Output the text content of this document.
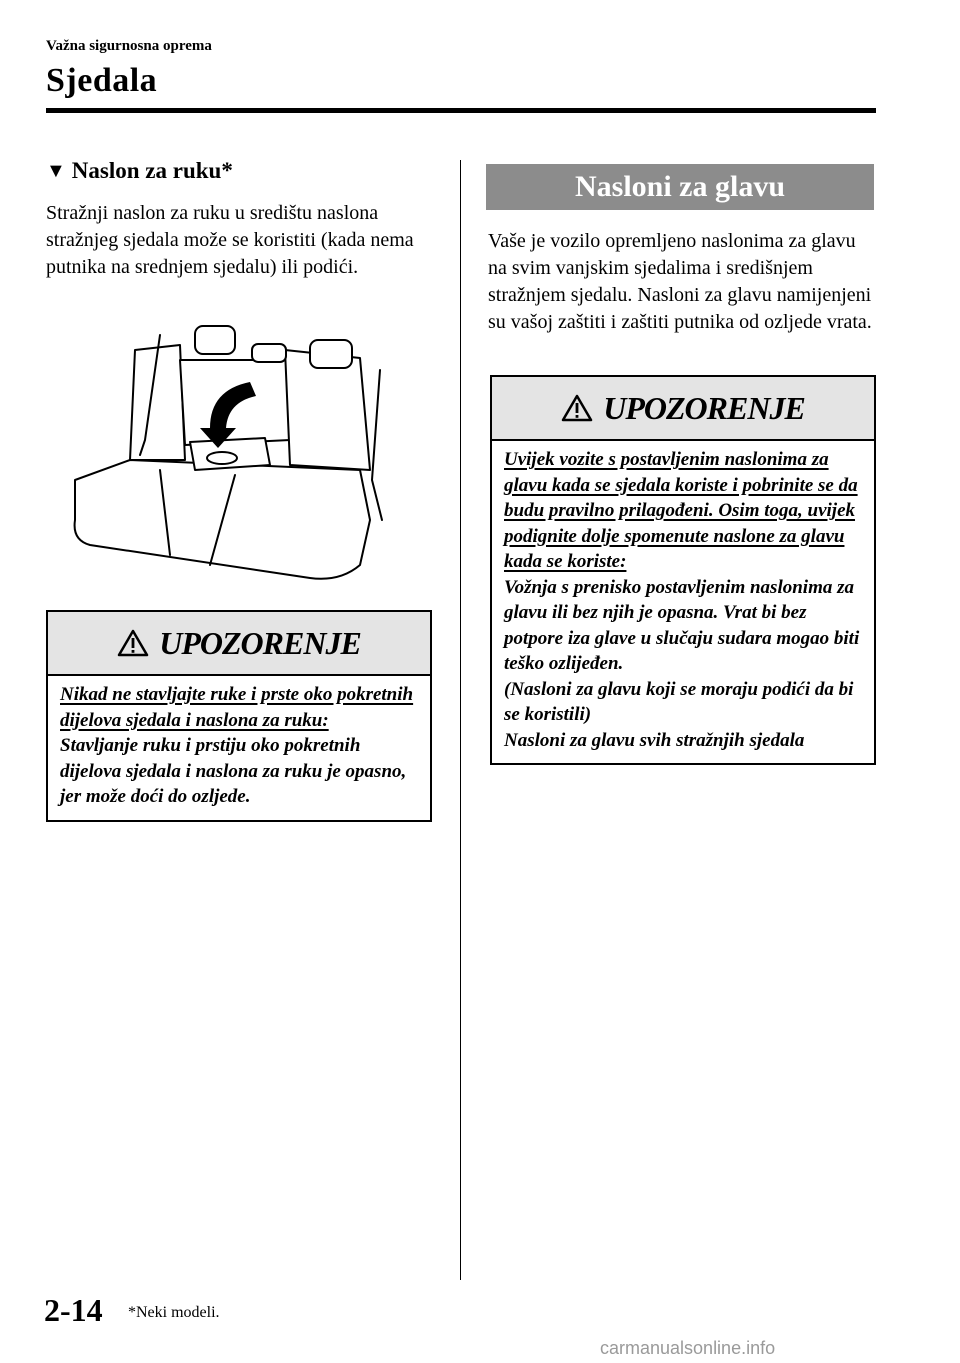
Važna sigurnosna oprema
Sjedala
▼ Naslon za ruku*
Stražnji naslon za ruku u središtu naslona stražnjeg sjedala može se koristiti (kada nema putnika na srednjem sjedalu) ili podići.
UPOZORENJE
Nikad ne stavljajte ruke i prste oko pokretnih dijelova sjedala i naslona za ruku:
Stavljanje ruku i prstiju oko pokretnih dijelova sjedala i naslona za ruku je opasno, jer može doći do ozljede.
Nasloni za glavu
Vaše je vozilo opremljeno naslonima za glavu na svim vanjskim sjedalima i središnjem stražnjem sjedalu. Nasloni za glavu namijenjeni su vašoj zaštiti i zaštiti putnika od ozljede vrata.
UPOZORENJE
Uvijek vozite s postavljenim naslonima za glavu kada se sjedala koriste i pobrinite se da budu pravilno prilagođeni. Osim toga, uvijek podignite dolje spomenute naslone za glavu kada se koriste:
Vožnja s prenisko postavljenim naslonima za glavu ili bez njih je opasna. Vrat bi bez potpore iza glave u slučaju sudara mogao biti teško ozlijeđen.
(Nasloni za glavu koji se moraju podići da bi se koristili)
Nasloni za glavu svih stražnjih sjedala
2-14 *Neki modeli.
carmanualsonline.info
